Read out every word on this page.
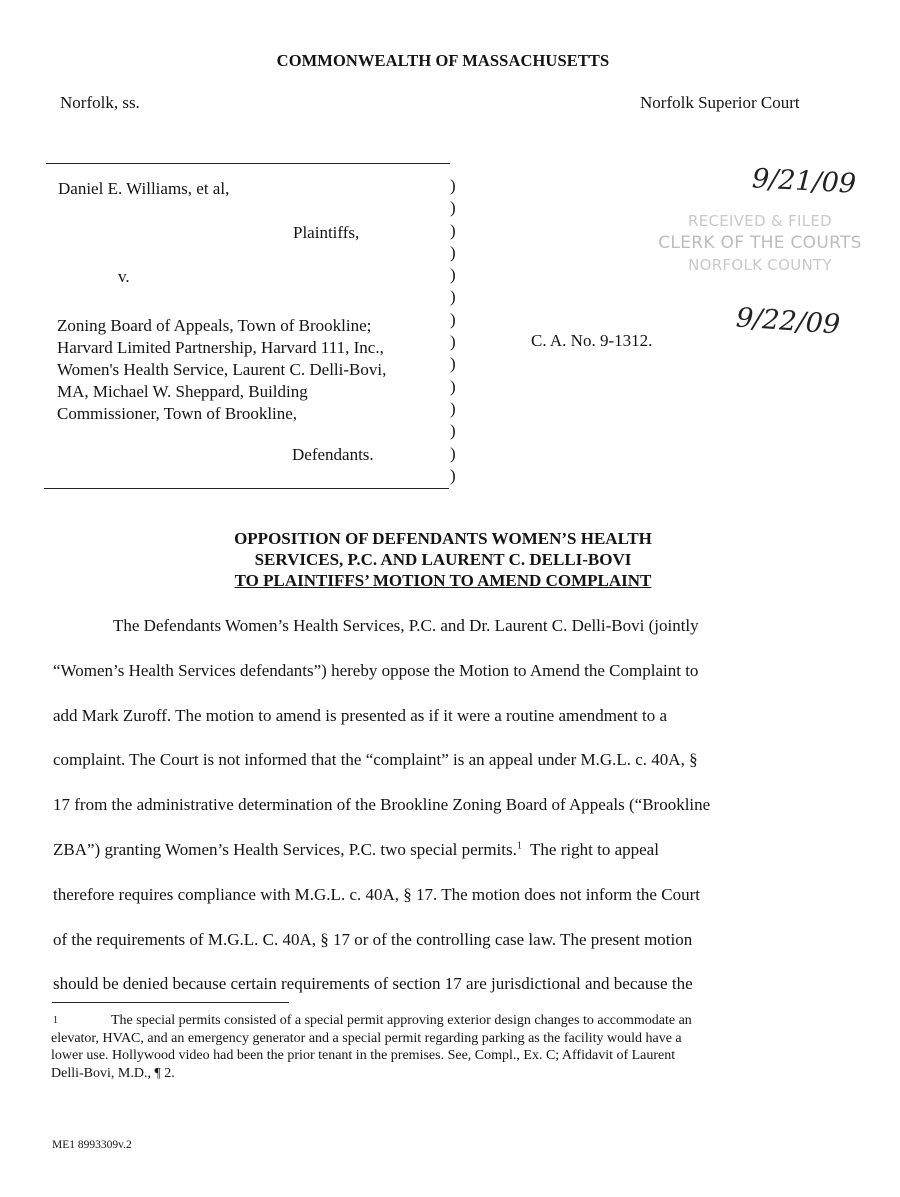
COMMONWEALTH OF MASSACHUSETTS
Norfolk, ss.	Norfolk Superior Court
Daniel E. Williams, et al,
Plaintiffs,
v.
Zoning Board of Appeals, Town of Brookline;
Harvard Limited Partnership, Harvard 111, Inc.,
Women's Health Service, Laurent C. Delli-Bovi,
MA, Michael W. Sheppard, Building
Commissioner, Town of Brookline,
Defendants.
)
)
)
)
)
)
)
)
)
)
)
)
)
)
C. A. No. 9-1312.
9/21/09
RECEIVED & FILED
CLERK OF THE COURTS
NORFOLK COUNTY
9/22/09
OPPOSITION OF DEFENDANTS WOMEN’S HEALTH
SERVICES, P.C. AND LAURENT C. DELLI-BOVI
TO PLAINTIFFS’ MOTION TO AMEND COMPLAINT

The Defendants Women’s Health Services, P.C. and Dr. Laurent C. Delli-Bovi (jointly

“Women’s Health Services defendants”) hereby oppose the Motion to Amend the Complaint to

add Mark Zuroff. The motion to amend is presented as if it were a routine amendment to a

complaint. The Court is not informed that the “complaint” is an appeal under M.G.L. c. 40A, §

17 from the administrative determination of the Brookline Zoning Board of Appeals (“Brookline

ZBA”) granting Women’s Health Services, P.C. two special permits.$^1$  The right to appeal

therefore requires compliance with M.G.L. c. 40A, § 17. The motion does not inform the Court

of the requirements of M.G.L. C. 40A, § 17 or of the controlling case law. The present motion

should be denied because certain requirements of section 17 are jurisdictional and because the

1	The special permits consisted of a special permit approving exterior design changes to accommodate an
elevator, HVAC, and an emergency generator and a special permit regarding parking as the facility would have a
lower use. Hollywood video had been the prior tenant in the premises. See, Compl., Ex. C; Affidavit of Laurent
Delli-Bovi, M.D., ¶ 2.
ME1 8993309v.2
